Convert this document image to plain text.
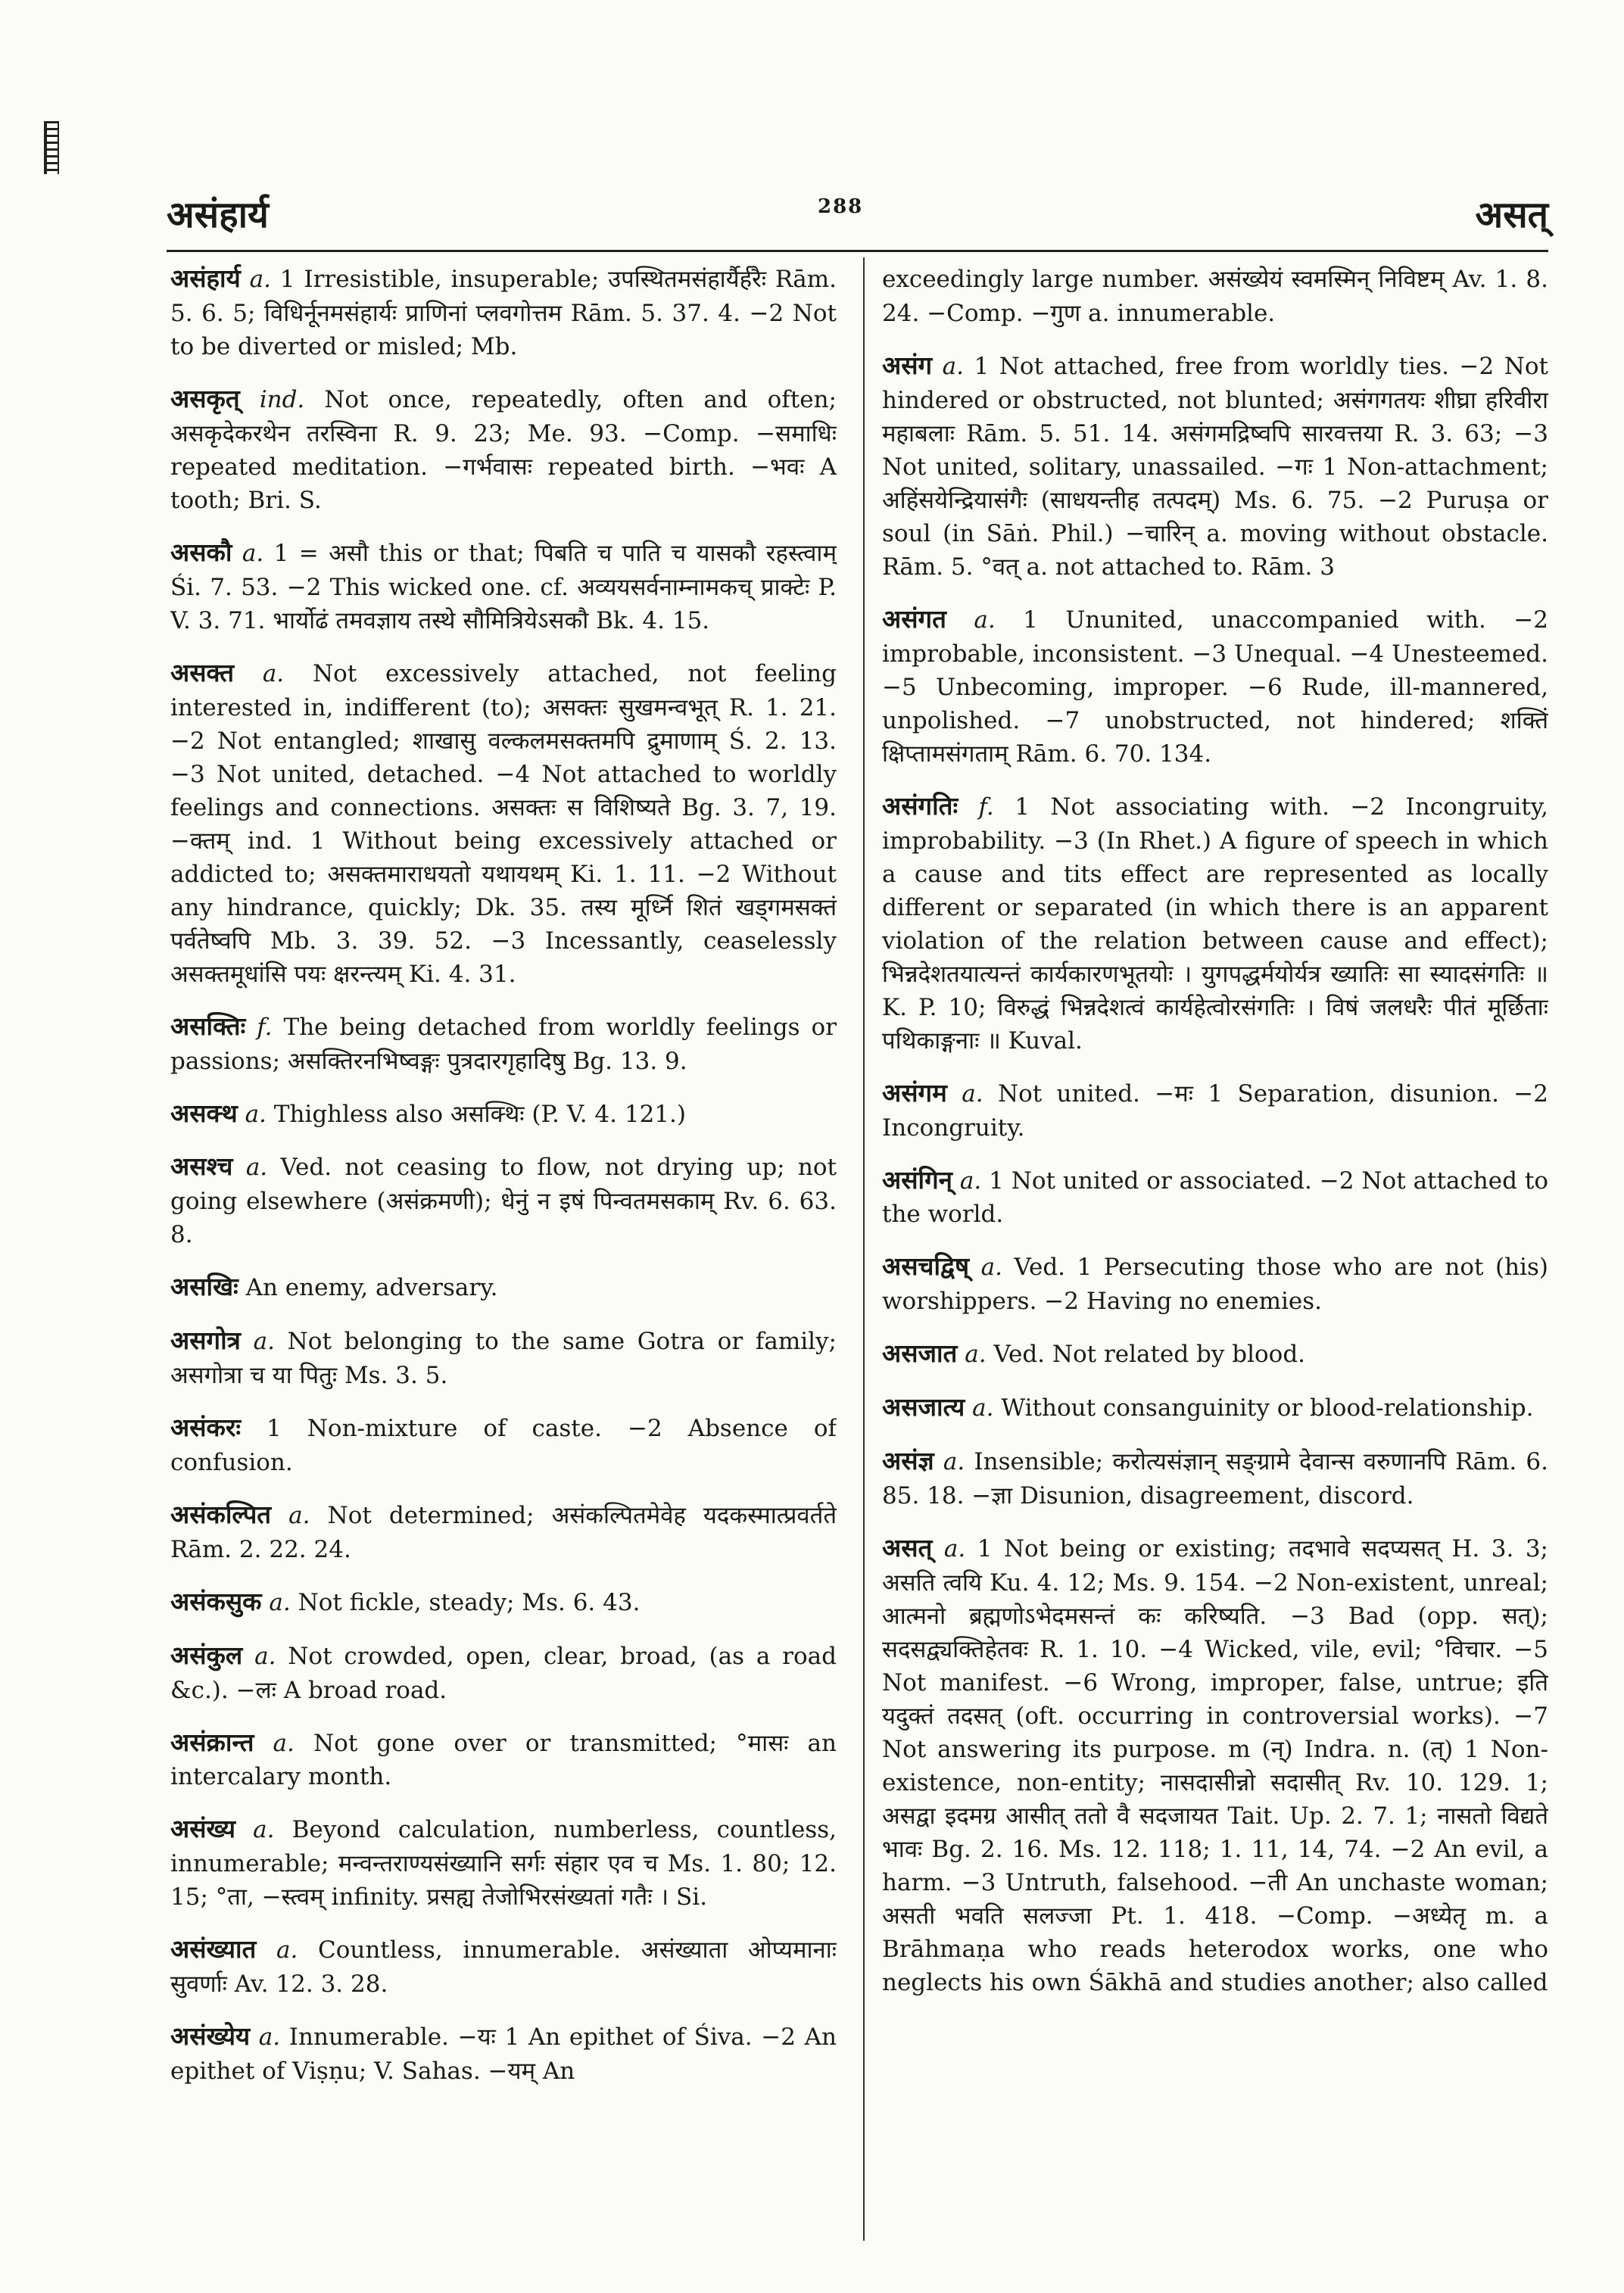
असंहार्य	288	असत्

असंहार्य a. 1 Irresistible, insuperable; उपस्थितमसंहार्यैर्हरैः Rām. 5. 6. 5; विधिर्नूनमसंहार्यः प्राणिनां प्लवगोत्तम Rām. 5. 37. 4. −2 Not to be diverted or misled; Mb.

असकृत् ind. Not once, repeatedly, often and often; असकृदेकरथेन तरस्विना R. 9. 23; Me. 93. −Comp. −समाधिः repeated meditation. −गर्भवासः repeated birth. −भवः A tooth; Bri. S.

असकौ a. 1 = असौ this or that; पिबति च पाति च यासकौ रहस्त्वाम् Śi. 7. 53. −2 This wicked one. cf. अव्ययसर्वनाम्नामकच् प्राक्टेः P. V. 3. 71. भार्योढं तमवज्ञाय तस्थे सौमित्रियेऽसकौ Bk. 4. 15.

असक्त a. Not excessively attached, not feeling interested in, indifferent (to); असक्तः सुखमन्वभूत् R. 1. 21. −2 Not entangled; शाखासु वल्कलमसक्तमपि द्रुमाणाम् Ś. 2. 13. −3 Not united, detached. −4 Not attached to worldly feelings and connections. असक्तः स विशिष्यते Bg. 3. 7, 19. −क्तम् ind. 1 Without being excessively attached or addicted to; असक्तमाराधयतो यथायथम् Ki. 1. 11. −2 Without any hindrance, quickly; Dk. 35. तस्य मूर्ध्नि शितं खड्गमसक्तं पर्वतेष्वपि Mb. 3. 39. 52. −3 Incessantly, ceaselessly असक्तमूधांसि पयः क्षरन्त्यम् Ki. 4. 31.

असक्तिः f. The being detached from worldly feelings or passions; असक्तिरनभिष्वङ्गः पुत्रदारगृहादिषु Bg. 13. 9.

असक्थ a. Thighless also असक्थिः (P. V. 4. 121.)

असश्च a. Ved. not ceasing to flow, not drying up; not going elsewhere (असंक्रमणी); धेनुं न इषं पिन्वतमसकाम् Rv. 6. 63. 8.

असखिः An enemy, adversary.

असगोत्र a. Not belonging to the same Gotra or family; असगोत्रा च या पितुः Ms. 3. 5.

असंकरः 1 Non-mixture of caste. −2 Absence of confusion.

असंकल्पित a. Not determined; असंकल्पितमेवेह यदकस्मात्प्रवर्तते Rām. 2. 22. 24.

असंकसुक a. Not fickle, steady; Ms. 6. 43.

असंकुल a. Not crowded, open, clear, broad, (as a road &c.). −लः A broad road.

असंक्रान्त a. Not gone over or transmitted; °मासः an intercalary month.

असंख्य a. Beyond calculation, numberless, countless, innumerable; मन्वन्तराण्यसंख्यानि सर्गः संहार एव च Ms. 1. 80; 12. 15; °ता, −स्त्वम् infinity. प्रसह्य तेजोभिरसंख्यतां गतैः । Si.

असंख्यात a. Countless, innumerable. असंख्याता ओप्यमानाः सुवर्णाः Av. 12. 3. 28.

असंख्येय a. Innumerable. −यः 1 An epithet of Śiva. −2 An epithet of Viṣṇu; V. Sahas. −यम् An

exceedingly large number. असंख्येयं स्वमस्मिन् निविष्टम् Av. 1. 8. 24. −Comp. −गुण a. innumerable.

असंग a. 1 Not attached, free from worldly ties. −2 Not hindered or obstructed, not blunted; असंगगतयः शीघ्रा हरिवीरा महाबलाः Rām. 5. 51. 14. असंगमद्रिष्वपि सारवत्तया R. 3. 63; −3 Not united, solitary, unassailed. −गः 1 Non-attachment; अहिंसयेन्द्रियासंगैः (साधयन्तीह तत्पदम्) Ms. 6. 75. −2 Puruṣa or soul (in Sāṅ. Phil.) −चारिन् a. moving without obstacle. Rām. 5. °वत् a. not attached to. Rām. 3

असंगत a. 1 Ununited, unaccompanied with. −2 improbable, inconsistent. −3 Unequal. −4 Unesteemed. −5 Unbecoming, improper. −6 Rude, ill-mannered, unpolished. −7 unobstructed, not hindered; शक्तिं क्षिप्तामसंगताम् Rām. 6. 70. 134.

असंगतिः f. 1 Not associating with. −2 Incongruity, improbability. −3 (In Rhet.) A figure of speech in which a cause and tits effect are represented as locally different or separated (in which there is an apparent violation of the relation between cause and effect); भिन्नदेशतयात्यन्तं कार्यकारणभूतयोः । युगपद्धर्मयोर्यत्र ख्यातिः सा स्यादसंगतिः ॥ K. P. 10; विरुद्धं भिन्नदेशत्वं कार्यहेत्वोरसंगतिः । विषं जलधरैः पीतं मूर्छिताः पथिकाङ्गनाः ॥ Kuval.

असंगम a. Not united. −मः 1 Separation, disunion. −2 Incongruity.

असंगिन् a. 1 Not united or associated. −2 Not attached to the world.

असचद्विष् a. Ved. 1 Persecuting those who are not (his) worshippers. −2 Having no enemies.

असजात a. Ved. Not related by blood.

असजात्य a. Without consanguinity or blood-relationship.

असंज्ञ a. Insensible; करोत्यसंज्ञान् सङ्ग्रामे देवान्स वरुणानपि Rām. 6. 85. 18. −ज्ञा Disunion, disagreement, discord.

असत् a. 1 Not being or existing; तदभावे सदप्यसत् H. 3. 3; असति त्वयि Ku. 4. 12; Ms. 9. 154. −2 Non-existent, unreal; आत्मनो ब्रह्मणोऽभेदमसन्तं कः करिष्यति. −3 Bad (opp. सत्); सदसद्व्यक्तिहेतवः R. 1. 10. −4 Wicked, vile, evil; °विचार. −5 Not manifest. −6 Wrong, improper, false, untrue; इति यदुक्तं तदसत् (oft. occurring in controversial works). −7 Not answering its purpose. m (न्) Indra. n. (त्) 1 Non-existence, non-entity; नासदासीन्नो सदासीत् Rv. 10. 129. 1; असद्वा इदमग्र आसीत् ततो वै सदजायत Tait. Up. 2. 7. 1; नासतो विद्यते भावः Bg. 2. 16. Ms. 12. 118; 1. 11, 14, 74. −2 An evil, a harm. −3 Untruth, falsehood. −ती An unchaste woman; असती भवति सलज्जा Pt. 1. 418. −Comp. −अध्येतृ m. a Brāhmaṇa who reads heterodox works, one who neglects his own Śākhā and studies another; also called
